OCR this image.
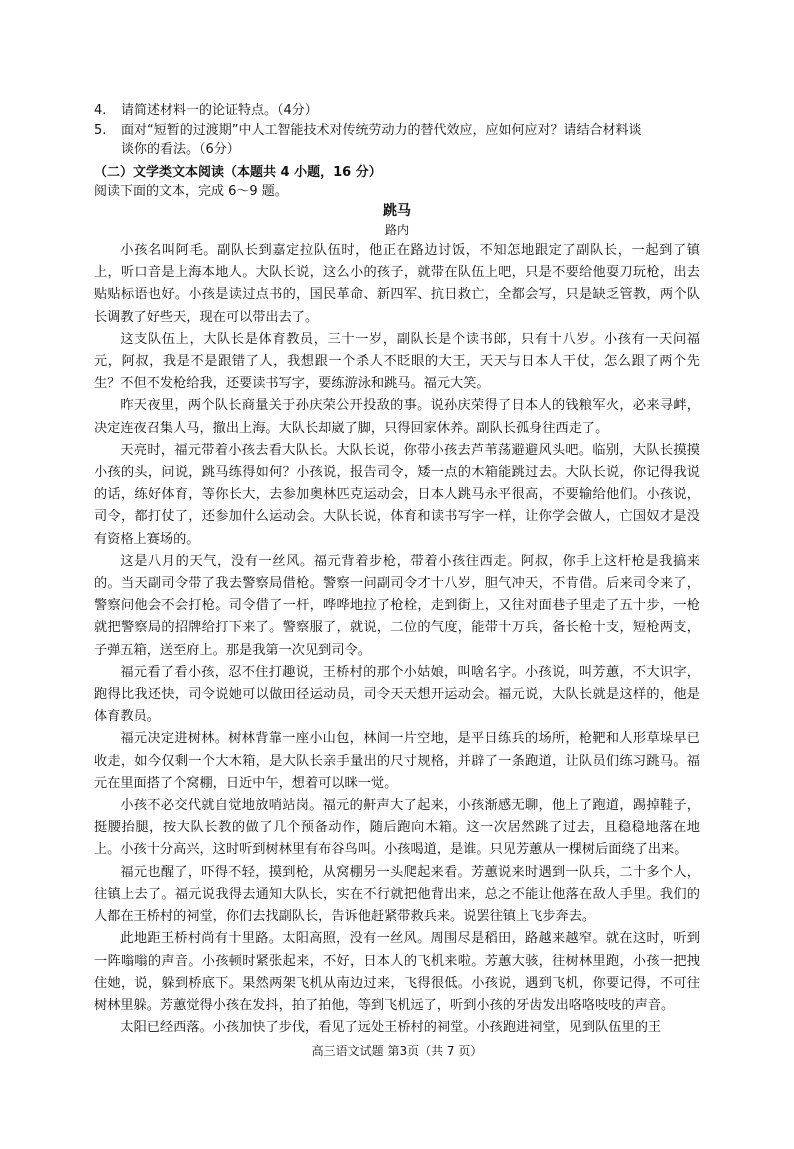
4. 请简述材料一的论证特点。（4分）
5. 面对“短暂的过渡期”中人工智能技术对传统劳动力的替代效应，应如何应对？请结合材料谈
谈你的看法。（6分）
（二）文学类文本阅读（本题共 4 小题，16 分）
阅读下面的文本，完成 6～9 题。
跳马
路内

小孩名叫阿毛。副队长到嘉定拉队伍时，他正在路边讨饭，不知怎地跟定了副队长，一起到了镇上，听口音是上海本地人。大队长说，这么小的孩子，就带在队伍上吧，只是不要给他耍刀玩枪，出去贴贴标语也好。小孩是读过点书的，国民革命、新四军、抗日救亡，全都会写，只是缺乏管教，两个队长调教了好些天，现在可以带出去了。

这支队伍上，大队长是体育教员，三十一岁，副队长是个读书郎，只有十八岁。小孩有一天问福元，阿叔，我是不是跟错了人，我想跟一个杀人不眨眼的大王，天天与日本人干仗，怎么跟了两个先生？不但不发枪给我，还要读书写字，要练游泳和跳马。福元大笑。

昨天夜里，两个队长商量关于孙庆荣公开投敌的事。说孙庆荣得了日本人的钱粮军火，必来寻衅，决定连夜召集人马，撤出上海。大队长却崴了脚，只得回家休养。副队长孤身往西走了。

天亮时，福元带着小孩去看大队长。大队长说，你带小孩去芦苇荡避避风头吧。临别，大队长摸摸小孩的头，问说，跳马练得如何？小孩说，报告司令，矮一点的木箱能跳过去。大队长说，你记得我说的话，练好体育，等你长大，去参加奥林匹克运动会，日本人跳马永平很高，不要输给他们。小孩说，司令，都打仗了，还参加什么运动会。大队长说，体育和读书写字一样，让你学会做人，亡国奴才是没有资格上赛场的。

这是八月的天气，没有一丝风。福元背着步枪，带着小孩往西走。阿叔，你手上这杆枪是我搞来的。当天副司令带了我去警察局借枪。警察一问副司令才十八岁，胆气冲天，不肯借。后来司令来了，警察问他会不会打枪。司令借了一杆，哗哗地拉了枪栓，走到街上，又往对面巷子里走了五十步，一枪就把警察局的招牌给打下来了。警察服了，就说，二位的气度，能带十万兵，备长枪十支，短枪两支，子弹五箱，送至府上。那是我第一次见到司令。

福元看了看小孩，忍不住打趣说，王桥村的那个小姑娘，叫啥名字。小孩说，叫芳蕙，不大识字，跑得比我还快，司令说她可以做田径运动员，司令天天想开运动会。福元说，大队长就是这样的，他是体育教员。

福元决定进树林。树林背靠一座小山包，林间一片空地，是平日练兵的场所，枪靶和人形草垛早已收走，如今仅剩一个大木箱，是大队长亲手量出的尺寸规格，并辟了一条跑道，让队员们练习跳马。福元在里面搭了个窝棚，日近中午，想着可以眯一觉。

小孩不必交代就自觉地放哨站岗。福元的鼾声大了起来，小孩渐感无聊，他上了跑道，踢掉鞋子，挺腰抬腿，按大队长教的做了几个预备动作，随后跑向木箱。这一次居然跳了过去，且稳稳地落在地上。小孩十分高兴，这时听到树林里有布谷鸟叫。小孩喝道，是谁。只见芳蕙从一棵树后面绕了出来。

福元也醒了，吓得不轻，摸到枪，从窝棚另一头爬起来看。芳蕙说来时遇到一队兵，二十多个人，往镇上去了。福元说我得去通知大队长，实在不行就把他背出来，总之不能让他落在敌人手里。我们的人都在王桥村的祠堂，你们去找副队长，告诉他赶紧带救兵来。说罢往镇上飞步奔去。

此地距王桥村尚有十里路。太阳高照，没有一丝风。周围尽是稻田，路越来越窄。就在这时，听到一阵嗡嗡的声音。小孩顿时紧张起来，不好，日本人的飞机来啦。芳蕙大骇，往树林里跑，小孩一把拽住她，说，躲到桥底下。果然两架飞机从南边过来，飞得很低。小孩说，遇到飞机，你要记得，不可往树林里躲。芳蕙觉得小孩在发抖，拍了拍他，等到飞机远了，听到小孩的牙齿发出咯咯吱吱的声音。

太阳已经西落。小孩加快了步伐，看见了远处王桥村的祠堂。小孩跑进祠堂，见到队伍里的王

高三语文试题 第3页（共 7 页）
